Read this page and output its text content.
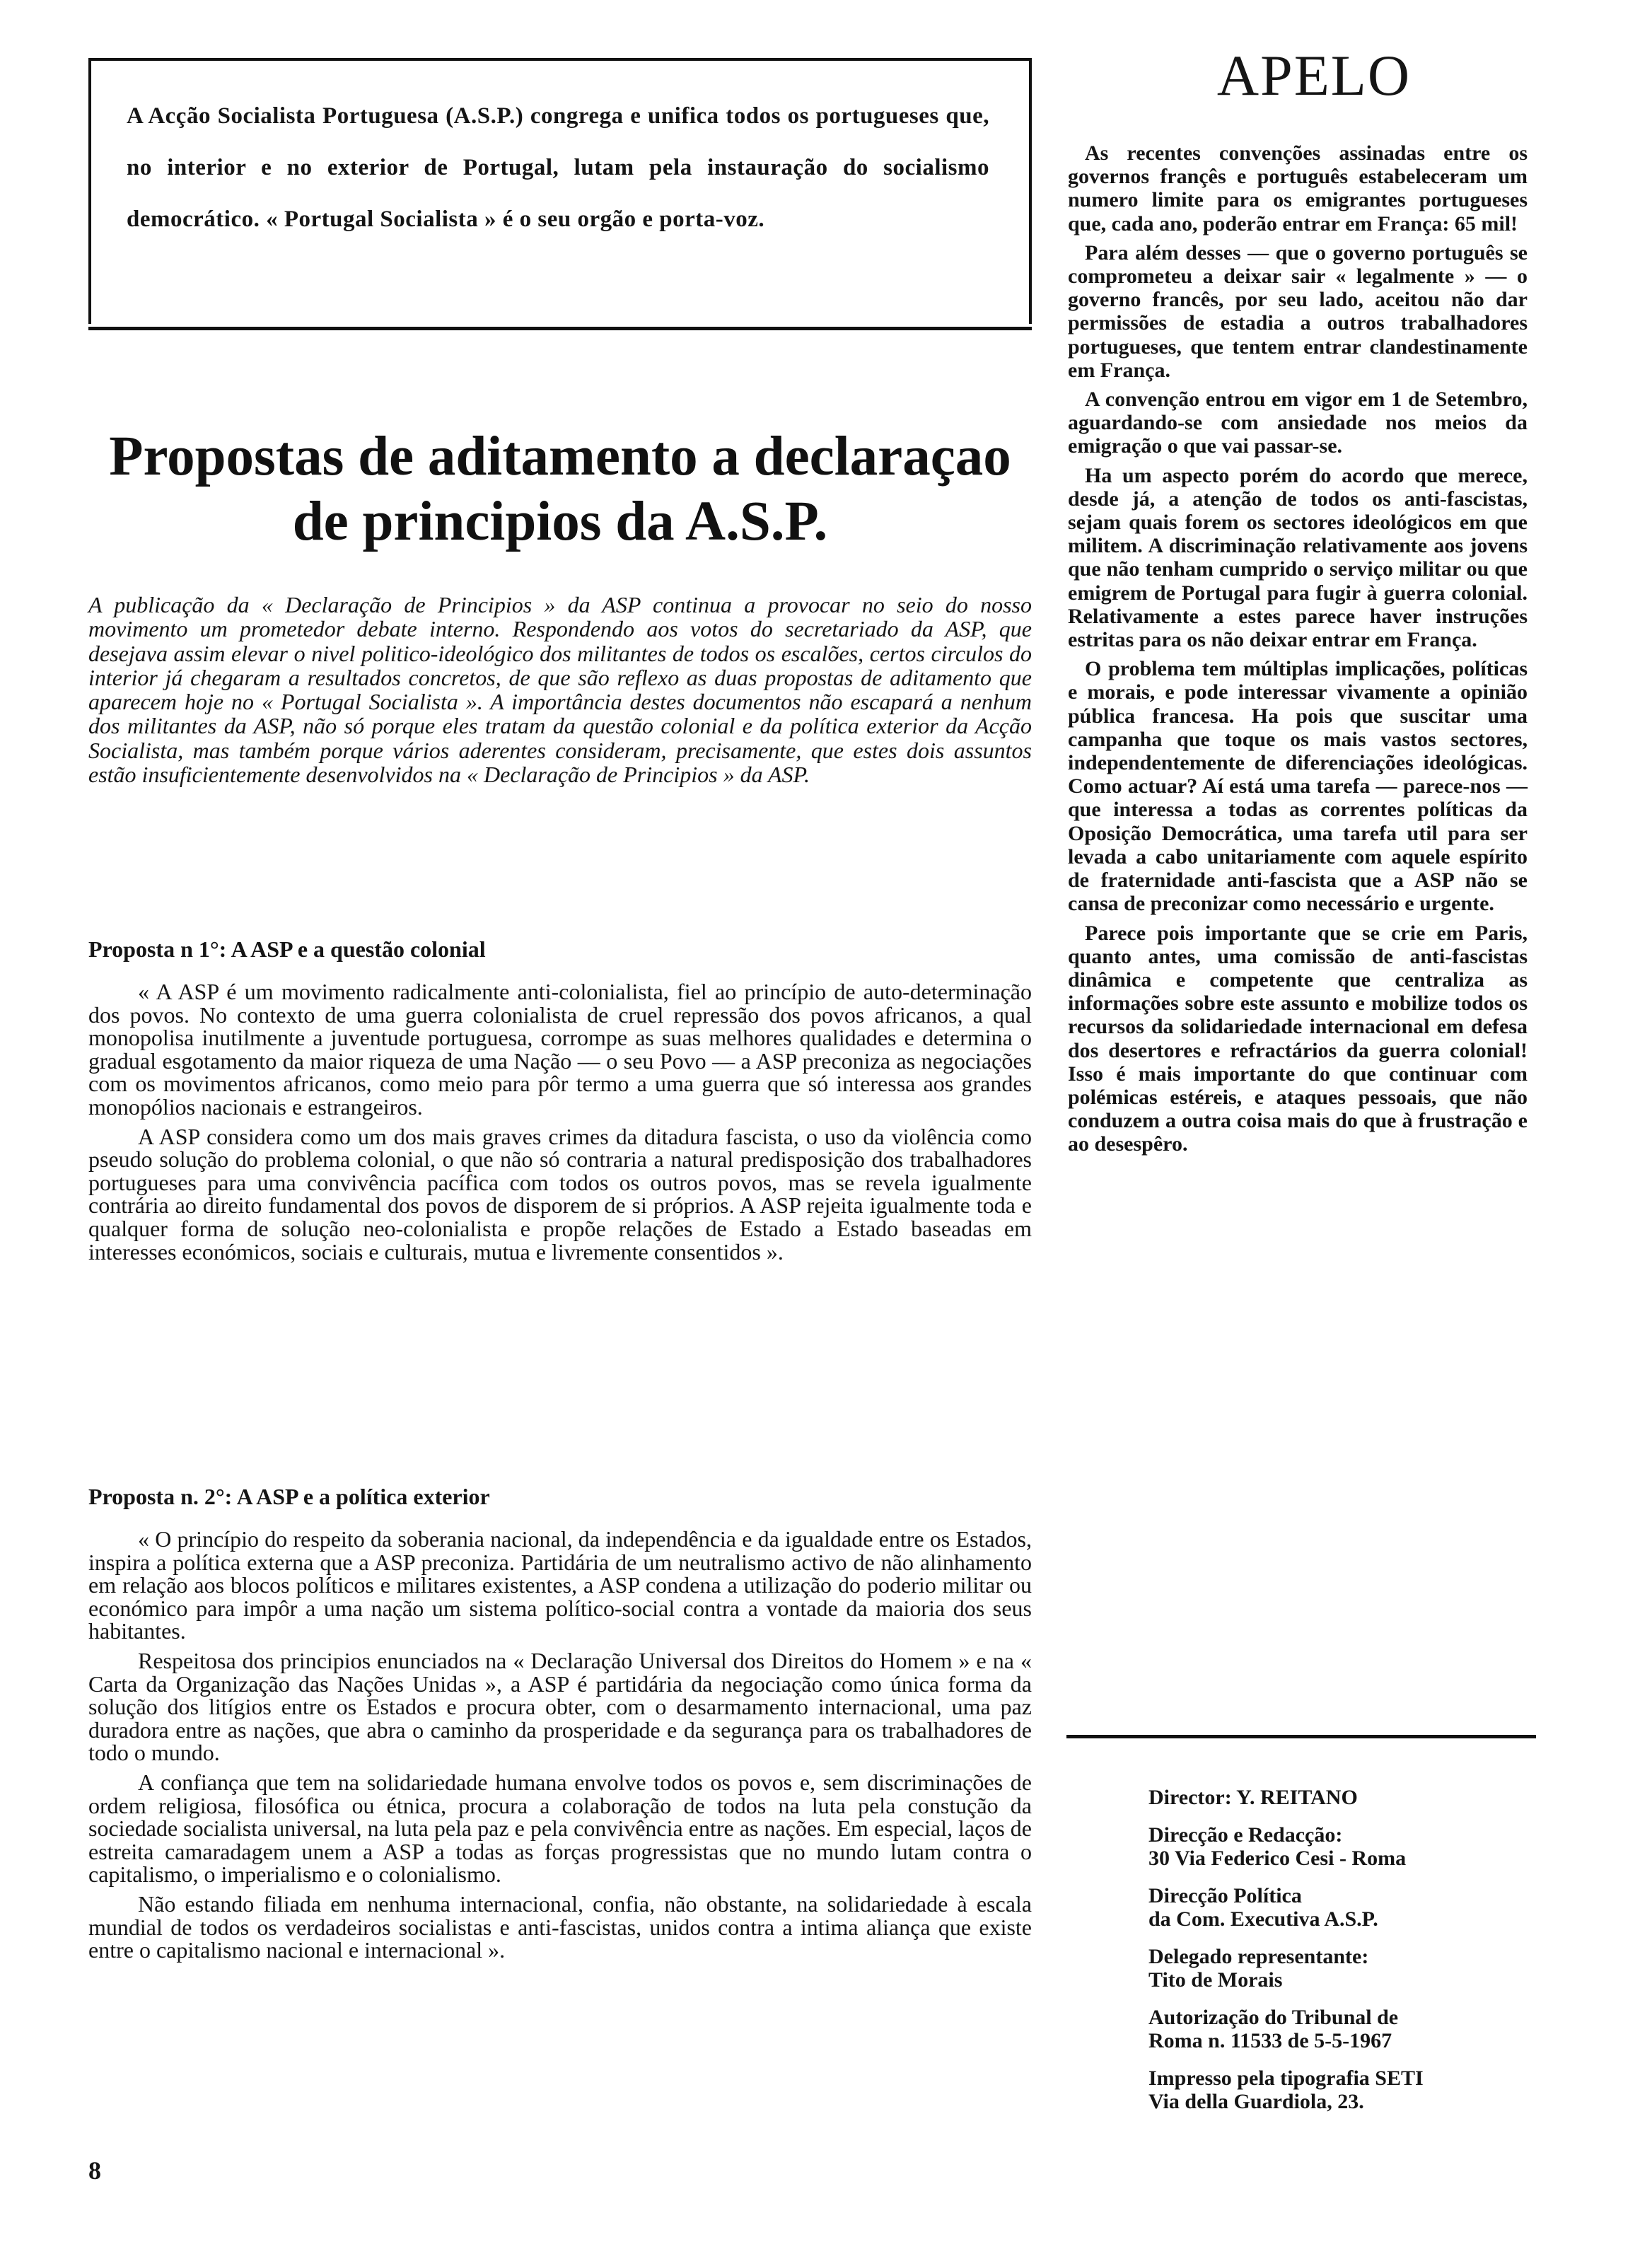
A Acção Socialista Portuguesa (A.S.P.) congrega e unifica todos os portugueses que, no interior e no exterior de Portugal, lutam pela instauração do socialismo democrático. « Portugal Socialista » é o seu orgão e porta-voz.

Propostas de aditamento a declaraçao de principios da A.S.P.

A publicação da « Declaração de Principios » da ASP continua a provocar no seio do nosso movimento um prometedor debate interno. Respondendo aos votos do secretariado da ASP, que desejava assim elevar o nivel politico-ideológico dos militantes de todos os escalões, certos circulos do interior já chegaram a resultados concretos, de que são reflexo as duas propostas de aditamento que aparecem hoje no « Portugal Socialista ». A importância destes documentos não escapará a nenhum dos militantes da ASP, não só porque eles tratam da questão colonial e da política exterior da Acção Socialista, mas também porque vários aderentes consideram, precisamente, que estes dois assuntos estão insuficientemente desenvolvidos na « Declaração de Principios » da ASP.

Proposta n 1°: A ASP e a questão colonial

« A ASP é um movimento radicalmente anti-colonialista, fiel ao princípio de auto-determinação dos povos. No contexto de uma guerra colonialista de cruel repressão dos povos africanos, a qual monopolisa inutilmente a juventude portuguesa, corrompe as suas melhores qualidades e determina o gradual esgotamento da maior riqueza de uma Nação — o seu Povo — a ASP preconiza as negociações com os movimentos africanos, como meio para pôr termo a uma guerra que só interessa aos grandes monopólios nacionais e estrangeiros.

A ASP considera como um dos mais graves crimes da ditadura fascista, o uso da violência como pseudo solução do problema colonial, o que não só contraria a natural predisposição dos trabalhadores portugueses para uma convivência pacífica com todos os outros povos, mas se revela igualmente contrária ao direito fundamental dos povos de disporem de si próprios. A ASP rejeita igualmente toda e qualquer forma de solução neo-colonialista e propõe relações de Estado a Estado baseadas em interesses económicos, sociais e culturais, mutua e livremente consentidos ».

Proposta n. 2°: A ASP e a política exterior

« O princípio do respeito da soberania nacional, da independência e da igualdade entre os Estados, inspira a política externa que a ASP preconiza. Partidária de um neutralismo activo de não alinhamento em relação aos blocos políticos e militares existentes, a ASP condena a utilização do poderio militar ou económico para impôr a uma nação um sistema político-social contra a vontade da maioria dos seus habitantes.

Respeitosa dos principios enunciados na « Declaração Universal dos Direitos do Homem » e na « Carta da Organização das Nações Unidas », a ASP é partidária da negociação como única forma da solução dos litígios entre os Estados e procura obter, com o desarmamento internacional, uma paz duradora entre as nações, que abra o caminho da prosperidade e da segurança para os trabalhadores de todo o mundo.

A confiança que tem na solidariedade humana envolve todos os povos e, sem discriminações de ordem religiosa, filosófica ou étnica, procura a colaboração de todos na luta pela constução da sociedade socialista universal, na luta pela paz e pela convivência entre as nações. Em especial, laços de estreita camaradagem unem a ASP a todas as forças progressistas que no mundo lutam contra o capitalismo, o imperialismo e o colonialismo.

Não estando filiada em nenhuma internacional, confia, não obstante, na solidariedade à escala mundial de todos os verdadeiros socialistas e anti-fascistas, unidos contra a intima aliança que existe entre o capitalismo nacional e internacional ».

APELO

As recentes convenções assinadas entre os governos françês e português estabeleceram um numero limite para os emigrantes portugueses que, cada ano, poderão entrar em França: 65 mil!

Para além desses — que o governo português se comprometeu a deixar sair « legalmente » — o governo francês, por seu lado, aceitou não dar permissões de estadia a outros trabalhadores portugueses, que tentem entrar clandestinamente em França.

A convenção entrou em vigor em 1 de Setembro, aguardando-se com ansiedade nos meios da emigração o que vai passar-se.

Ha um aspecto porém do acordo que merece, desde já, a atenção de todos os anti-fascistas, sejam quais forem os sectores ideológicos em que militem. A discriminação relativamente aos jovens que não tenham cumprido o serviço militar ou que emigrem de Portugal para fugir à guerra colonial. Relativamente a estes parece haver instruções estritas para os não deixar entrar em França.

O problema tem múltiplas implicações, políticas e morais, e pode interessar vivamente a opinião pública francesa. Ha pois que suscitar uma campanha que toque os mais vastos sectores, independentemente de diferenciações ideológicas. Como actuar? Aí está uma tarefa — parece-nos — que interessa a todas as correntes políticas da Oposição Democrática, uma tarefa util para ser levada a cabo unitariamente com aquele espírito de fraternidade anti-fascista que a ASP não se cansa de preconizar como necessário e urgente.

Parece pois importante que se crie em Paris, quanto antes, uma comissão de anti-fascistas dinâmica e competente que centraliza as informações sobre este assunto e mobilize todos os recursos da solidariedade internacional em defesa dos desertores e refractários da guerra colonial! Isso é mais importante do que continuar com polémicas estéreis, e ataques pessoais, que não conduzem a outra coisa mais do que à frustração e ao desespêro.

Director: Y. REITANO
Direcção e Redacção:
30 Via Federico Cesi - Roma
Direcção Política
da Com. Executiva A.S.P.
Delegado representante:
Tito de Morais
Autorização do Tribunal de
Roma n. 11533 de 5-5-1967
Impresso pela tipografia SETI
Via della Guardiola, 23.

8
